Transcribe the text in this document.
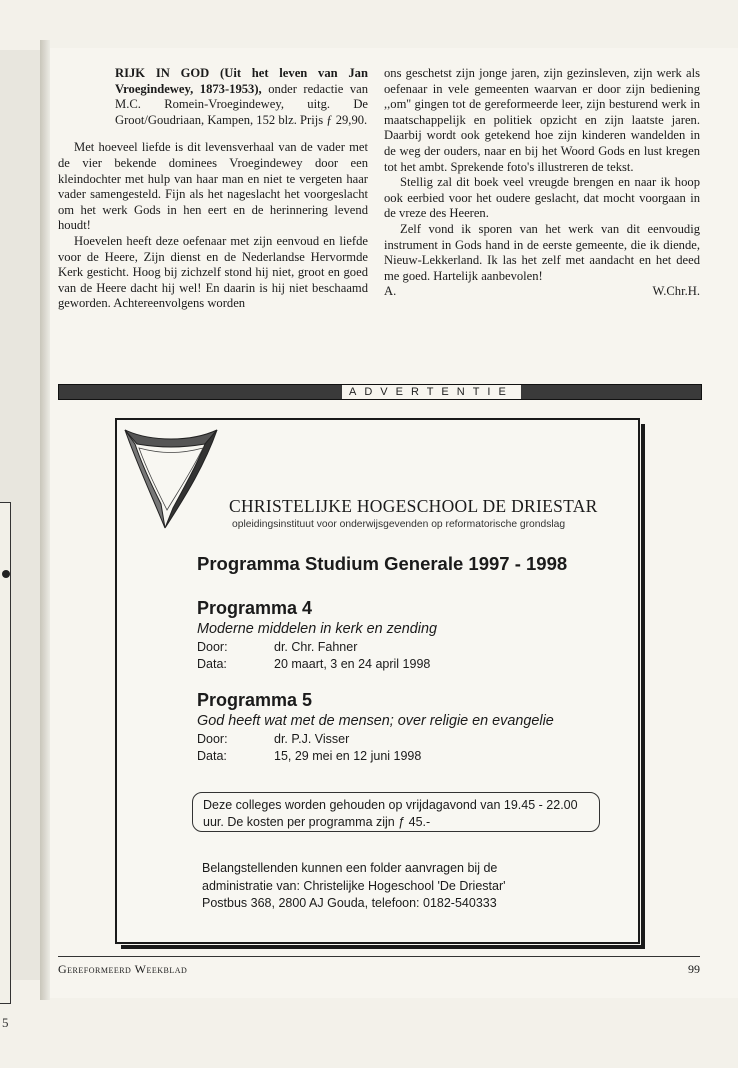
5

RIJK IN GOD (Uit het leven van Jan Vroegindewey, 1873-1953), onder redactie van M.C. Romein-Vroegindewey, uitg. De Groot/Goudriaan, Kampen, 152 blz. Prijs ƒ 29,90.

Met hoeveel liefde is dit levensverhaal van de vader met de vier bekende dominees Vroegindewey door een kleindochter met hulp van haar man en niet te vergeten haar vader samengesteld. Fijn als het nageslacht het voorgeslacht om het werk Gods in hen eert en de herinnering levend houdt!

Hoevelen heeft deze oefenaar met zijn eenvoud en liefde voor de Heere, Zijn dienst en de Nederlandse Hervormde Kerk gesticht. Hoog bij zichzelf stond hij niet, groot en goed van de Heere dacht hij wel! En daarin is hij niet beschaamd geworden. Achtereenvolgens worden

ons geschetst zijn jonge jaren, zijn gezinsleven, zijn werk als oefenaar in vele gemeenten waarvan er door zijn bediening ,,om'' gingen tot de gereformeerde leer, zijn besturend werk in maatschappelijk en politiek opzicht en zijn laatste jaren. Daarbij wordt ook getekend hoe zijn kinderen wandelden in de weg der ouders, naar en bij het Woord Gods en lust kregen tot het ambt. Sprekende foto's illustreren de tekst.

Stellig zal dit boek veel vreugde brengen en naar ik hoop ook eerbied voor het oudere geslacht, dat mocht voorgaan in de vreze des Heeren.

Zelf vond ik sporen van het werk van dit eenvoudig instrument in Gods hand in de eerste gemeente, die ik diende, Nieuw-Lekkerland. Ik las het zelf met aandacht en het deed me goed. Hartelijk aanbevolen!

A.	W.Chr.H.

ADVERTENTIE
CHRISTELIJKE HOGESCHOOL DE DRIESTAR
opleidingsinstituut voor onderwijsgevenden op reformatorische grondslag
Programma Studium Generale 1997 - 1998
Programma 4
Moderne middelen in kerk en zending
Door:	dr. Chr. Fahner
Data:	20 maart, 3 en 24 april 1998
Programma 5
God heeft wat met de mensen; over religie en evangelie
Door:	dr. P.J. Visser
Data:	15, 29 mei en 12 juni 1998
Deze colleges worden gehouden op vrijdagavond van 19.45 - 22.00 uur. De kosten per programma zijn ƒ 45.-

Belangstellenden kunnen een folder aanvragen bij de

administratie van: Christelijke Hogeschool 'De Driestar'

Postbus 368, 2800 AJ Gouda, telefoon: 0182-540333

Gereformeerd Weekblad	99
